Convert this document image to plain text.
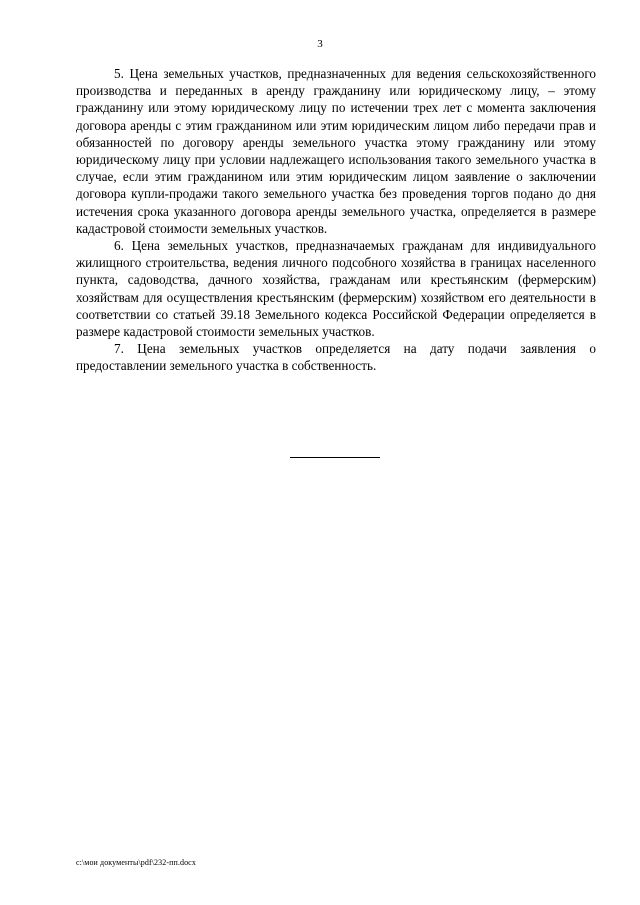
3

5. Цена земельных участков, предназначенных для ведения сельскохозяйственного производства и переданных в аренду гражданину или юридическому лицу, – этому гражданину или этому юридическому лицу по истечении трех лет с момента заключения договора аренды с этим гражданином или этим юридическим лицом либо передачи прав и обязанностей по договору аренды земельного участка этому гражданину или этому юридическому лицу при условии надлежащего использования такого земельного участка в случае, если этим гражданином или этим юридическим лицом заявление о заключении договора купли-продажи такого земельного участка без проведения торгов подано до дня истечения срока указанного договора аренды земельного участка, определяется в размере кадастровой стоимости земельных участков.

6. Цена земельных участков, предназначаемых гражданам для индивидуального жилищного строительства, ведения личного подсобного хозяйства в границах населенного пункта, садоводства, дачного хозяйства, гражданам или крестьянским (фермерским) хозяйствам для осуществления крестьянским (фермерским) хозяйством его деятельности в соответствии со статьей 39.18 Земельного кодекса Российской Федерации определяется в размере кадастровой стоимости земельных участков.

7. Цена земельных участков определяется на дату подачи заявления о предоставлении земельного участка в собственность.

c:\мои документы\pdf\232-пп.docx
